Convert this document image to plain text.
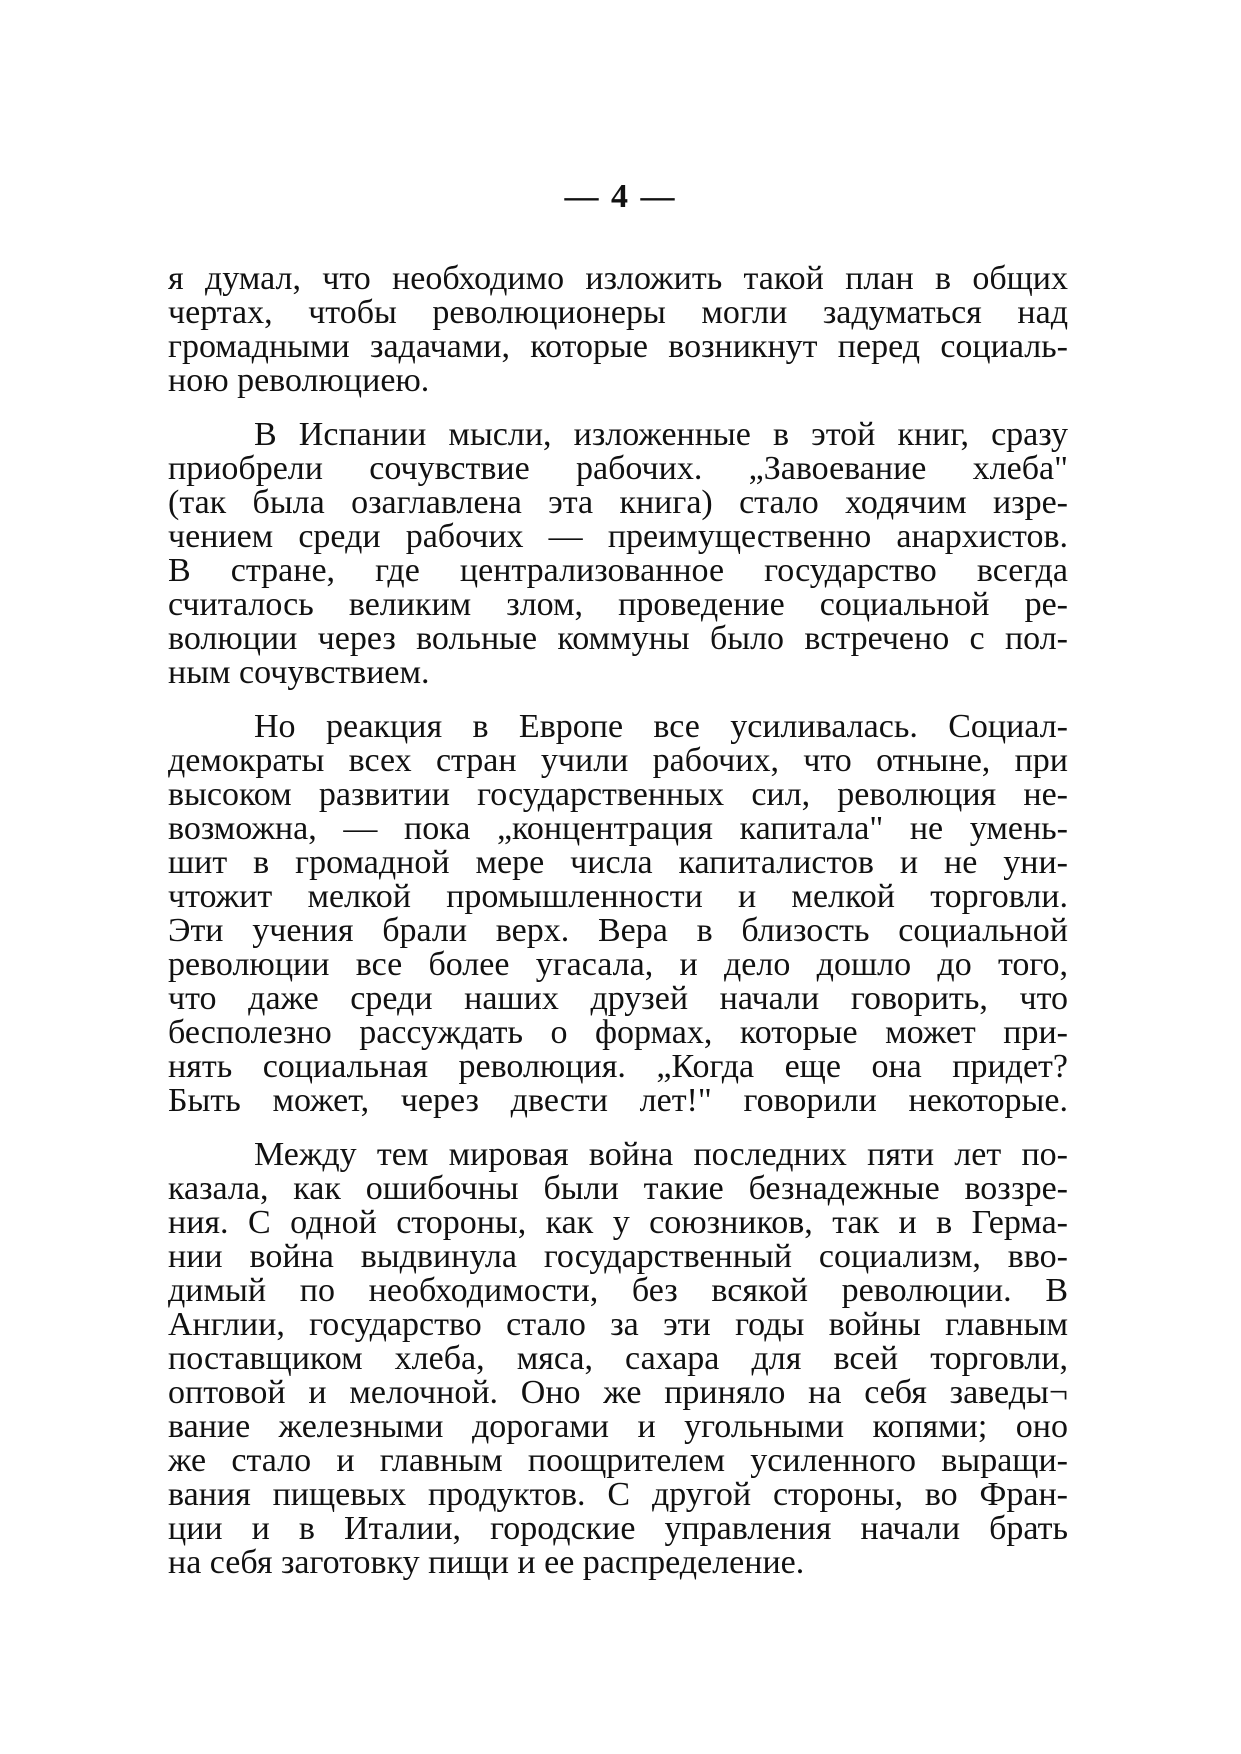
— 4 —
я думал, что необходимо изложить такой план в общих
чертах, чтобы революционеры могли задуматься над
громадными задачами, которые возникнут перед социаль-
ною революциею.
В Испании мысли, изложенные в этой книг, сразу
приобрели сочувствие рабочих. „Завоевание хлеба"
(так была озаглавлена эта книга) стало ходячим изре-
чением среди рабочих — преимущественно анархистов.
В стране, где централизованное государство всегда
считалось великим злом, проведение социальной ре-
волюции через вольные коммуны было встречено с пол-
ным сочувствием.
Но реакция в Европе все усиливалась. Социал-
демократы всех стран учили рабочих, что отныне, при
высоком развитии государственных сил, революция не-
возможна, — пока „концентрация капитала" не умень-
шит в громадной мере числа капиталистов и не уни-
чтожит мелкой промышленности и мелкой торговли.
Эти учения брали верх. Вера в близость социальной
революции все более угасала, и дело дошло до того,
что даже среди наших друзей начали говорить, что
бесполезно рассуждать о формах, которые может при-
нять социальная революция. „Когда еще она придет?
Быть может, через двести лет!" говорили некоторые.
Между тем мировая война последних пяти лет по-
казала, как ошибочны были такие безнадежные воззре-
ния. С одной стороны, как у союзников, так и в Герма-
нии война выдвинула государственный социализм, вво-
димый по необходимости, без всякой революции. В
Англии, государство стало за эти годы войны главным
поставщиком хлеба, мяса, сахара для всей торговли,
оптовой и мелочной. Оно же приняло на себя заведы¬
вание железными дорогами и угольными копями; оно
же стало и главным поощрителем усиленного выращи-
вания пищевых продуктов. С другой стороны, во Фран-
ции и в Италии, городские управления начали брать
на себя заготовку пищи и ее распределение.
